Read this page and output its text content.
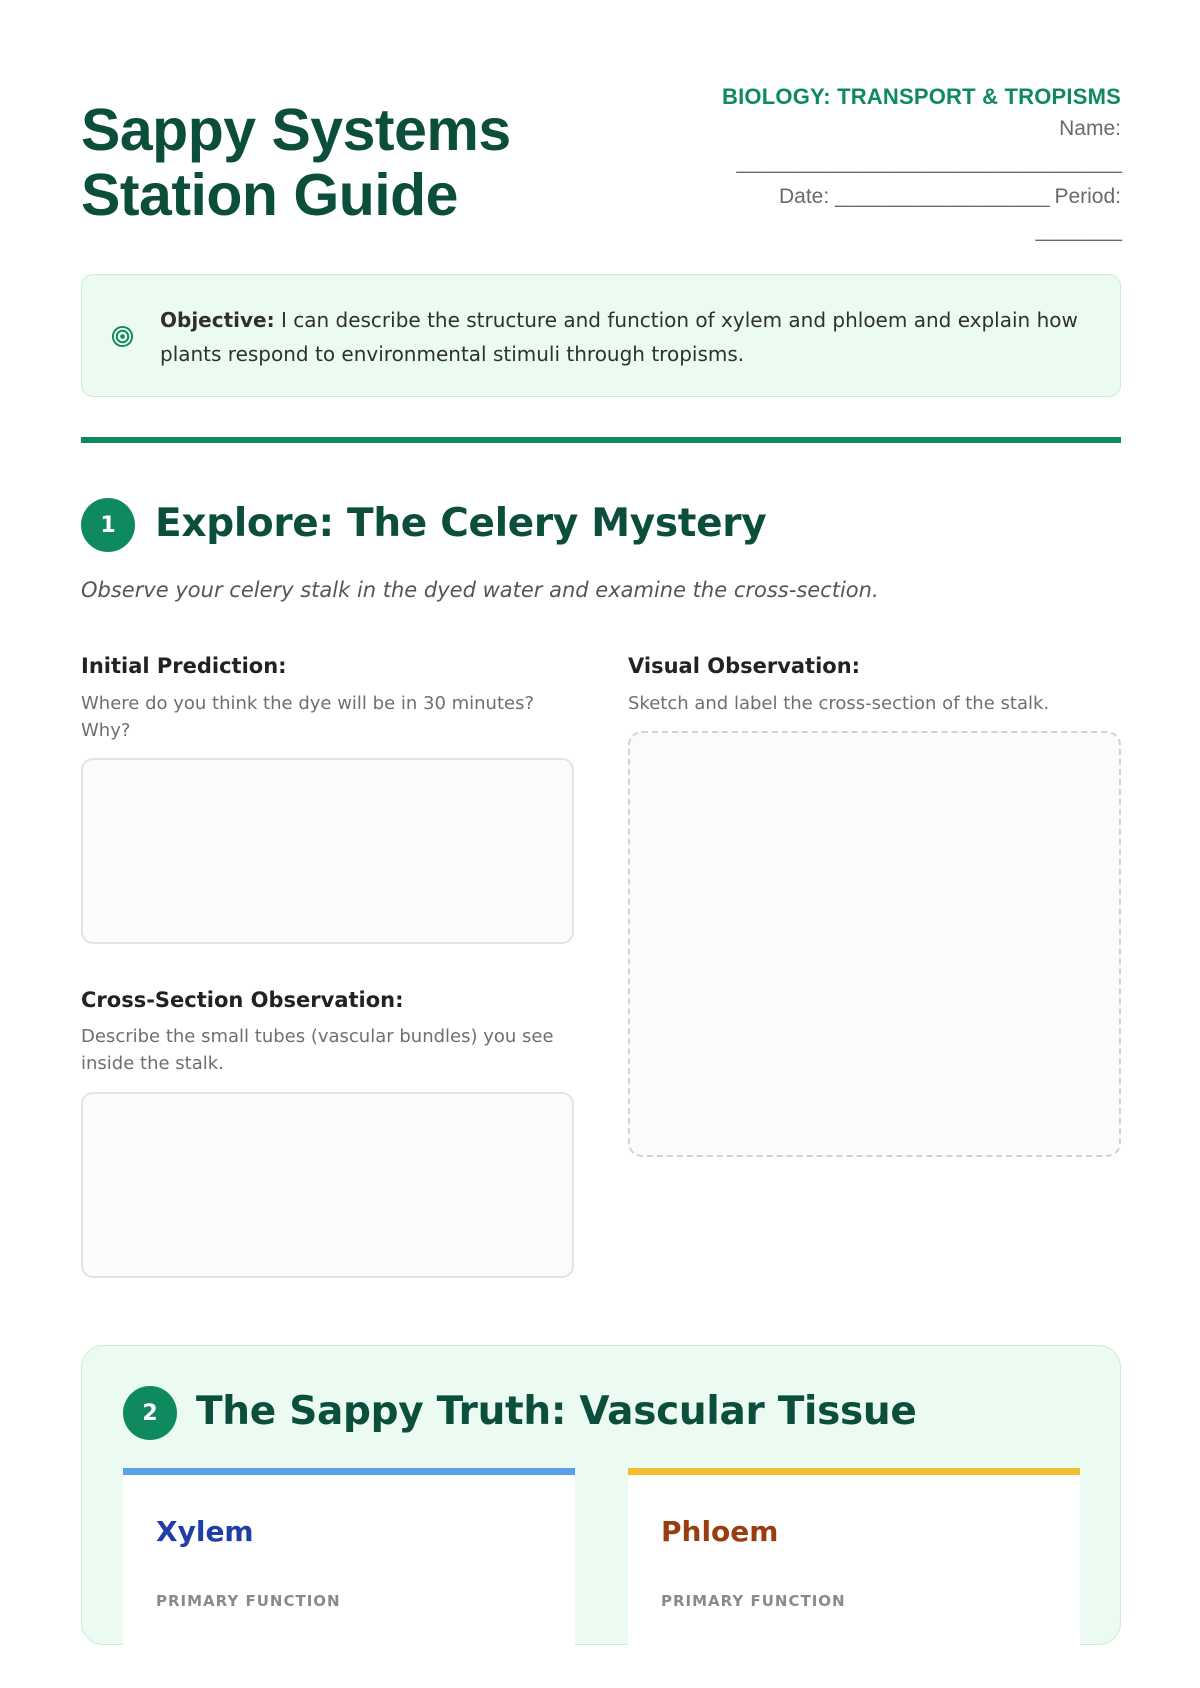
Sappy Systems
Station Guide
BIOLOGY: TRANSPORT & TROPISMS
Name:
____________________________________
Date: ____________________ Period:
________
Objective: I can describe the structure and function of xylem and phloem and explain how plants respond to environmental stimuli through tropisms.
1	Explore: The Celery Mystery

Observe your celery stalk in the dyed water and examine the cross-section.

Initial Prediction:
Where do you think the dye will be in 30 minutes? Why?
Cross-Section Observation:
Describe the small tubes (vascular bundles) you see inside the stalk.
Visual Observation:
Sketch and label the cross-section of the stalk.
2 The Sappy Truth: Vascular Tissue
Xylem
PRIMARY FUNCTION
Phloem
PRIMARY FUNCTION
